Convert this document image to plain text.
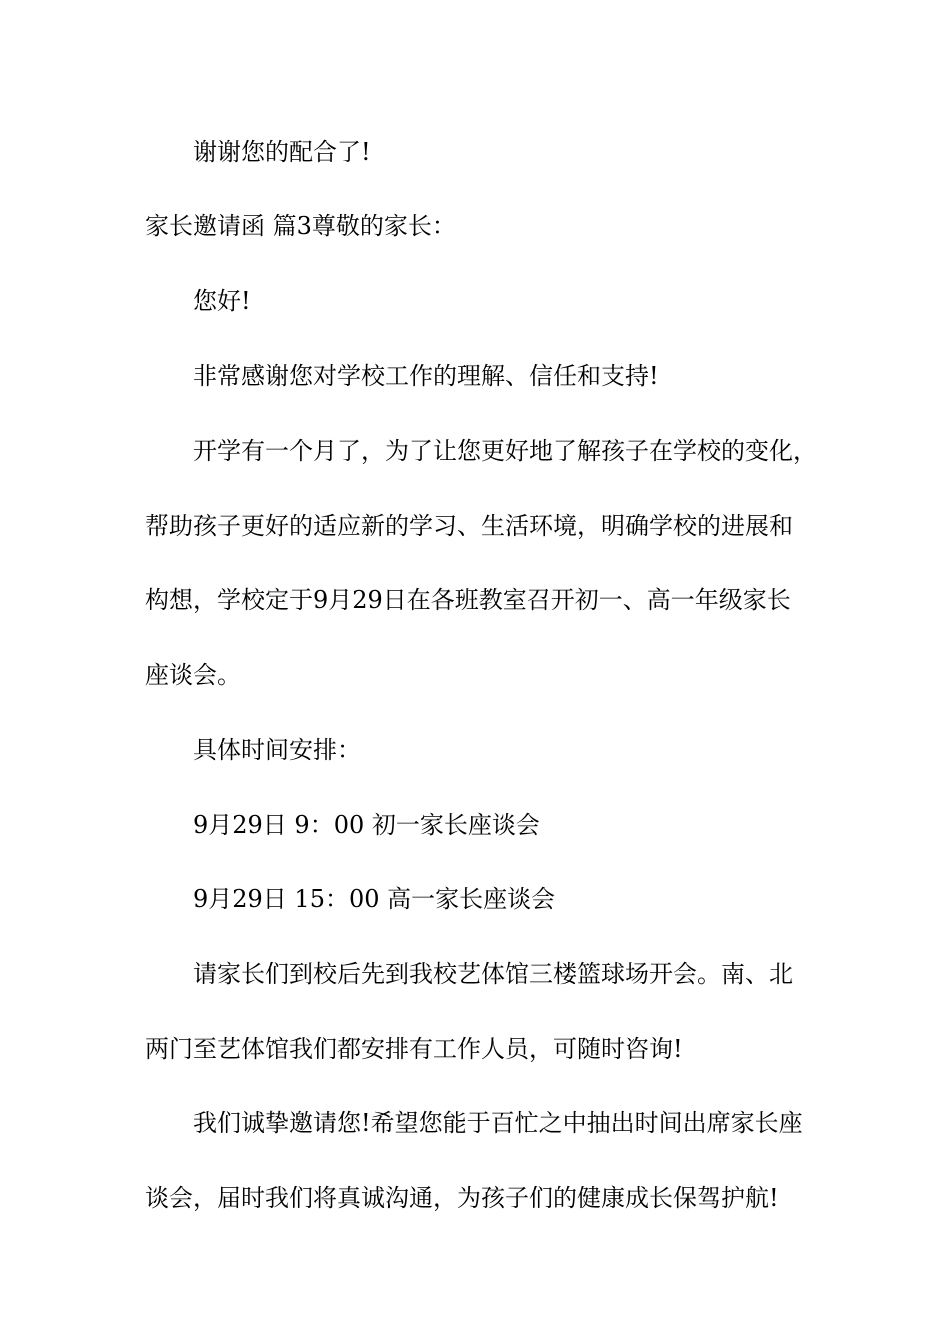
谢谢您的配合了!
家长邀请函 篇3尊敬的家长：
您好!
非常感谢您对学校工作的理解、信任和支持!
开学有一个月了，为了让您更好地了解孩子在学校的变化，
帮助孩子更好的适应新的学习、生活环境，明确学校的进展和
构想，学校定于9月29日在各班教室召开初一、高一年级家长
座谈会。
具体时间安排：
9月29日 9：00 初一家长座谈会
9月29日 15：00 高一家长座谈会
请家长们到校后先到我校艺体馆三楼篮球场开会。南、北
两门至艺体馆我们都安排有工作人员，可随时咨询!
我们诚挚邀请您!希望您能于百忙之中抽出时间出席家长座
谈会，届时我们将真诚沟通，为孩子们的健康成长保驾护航!
